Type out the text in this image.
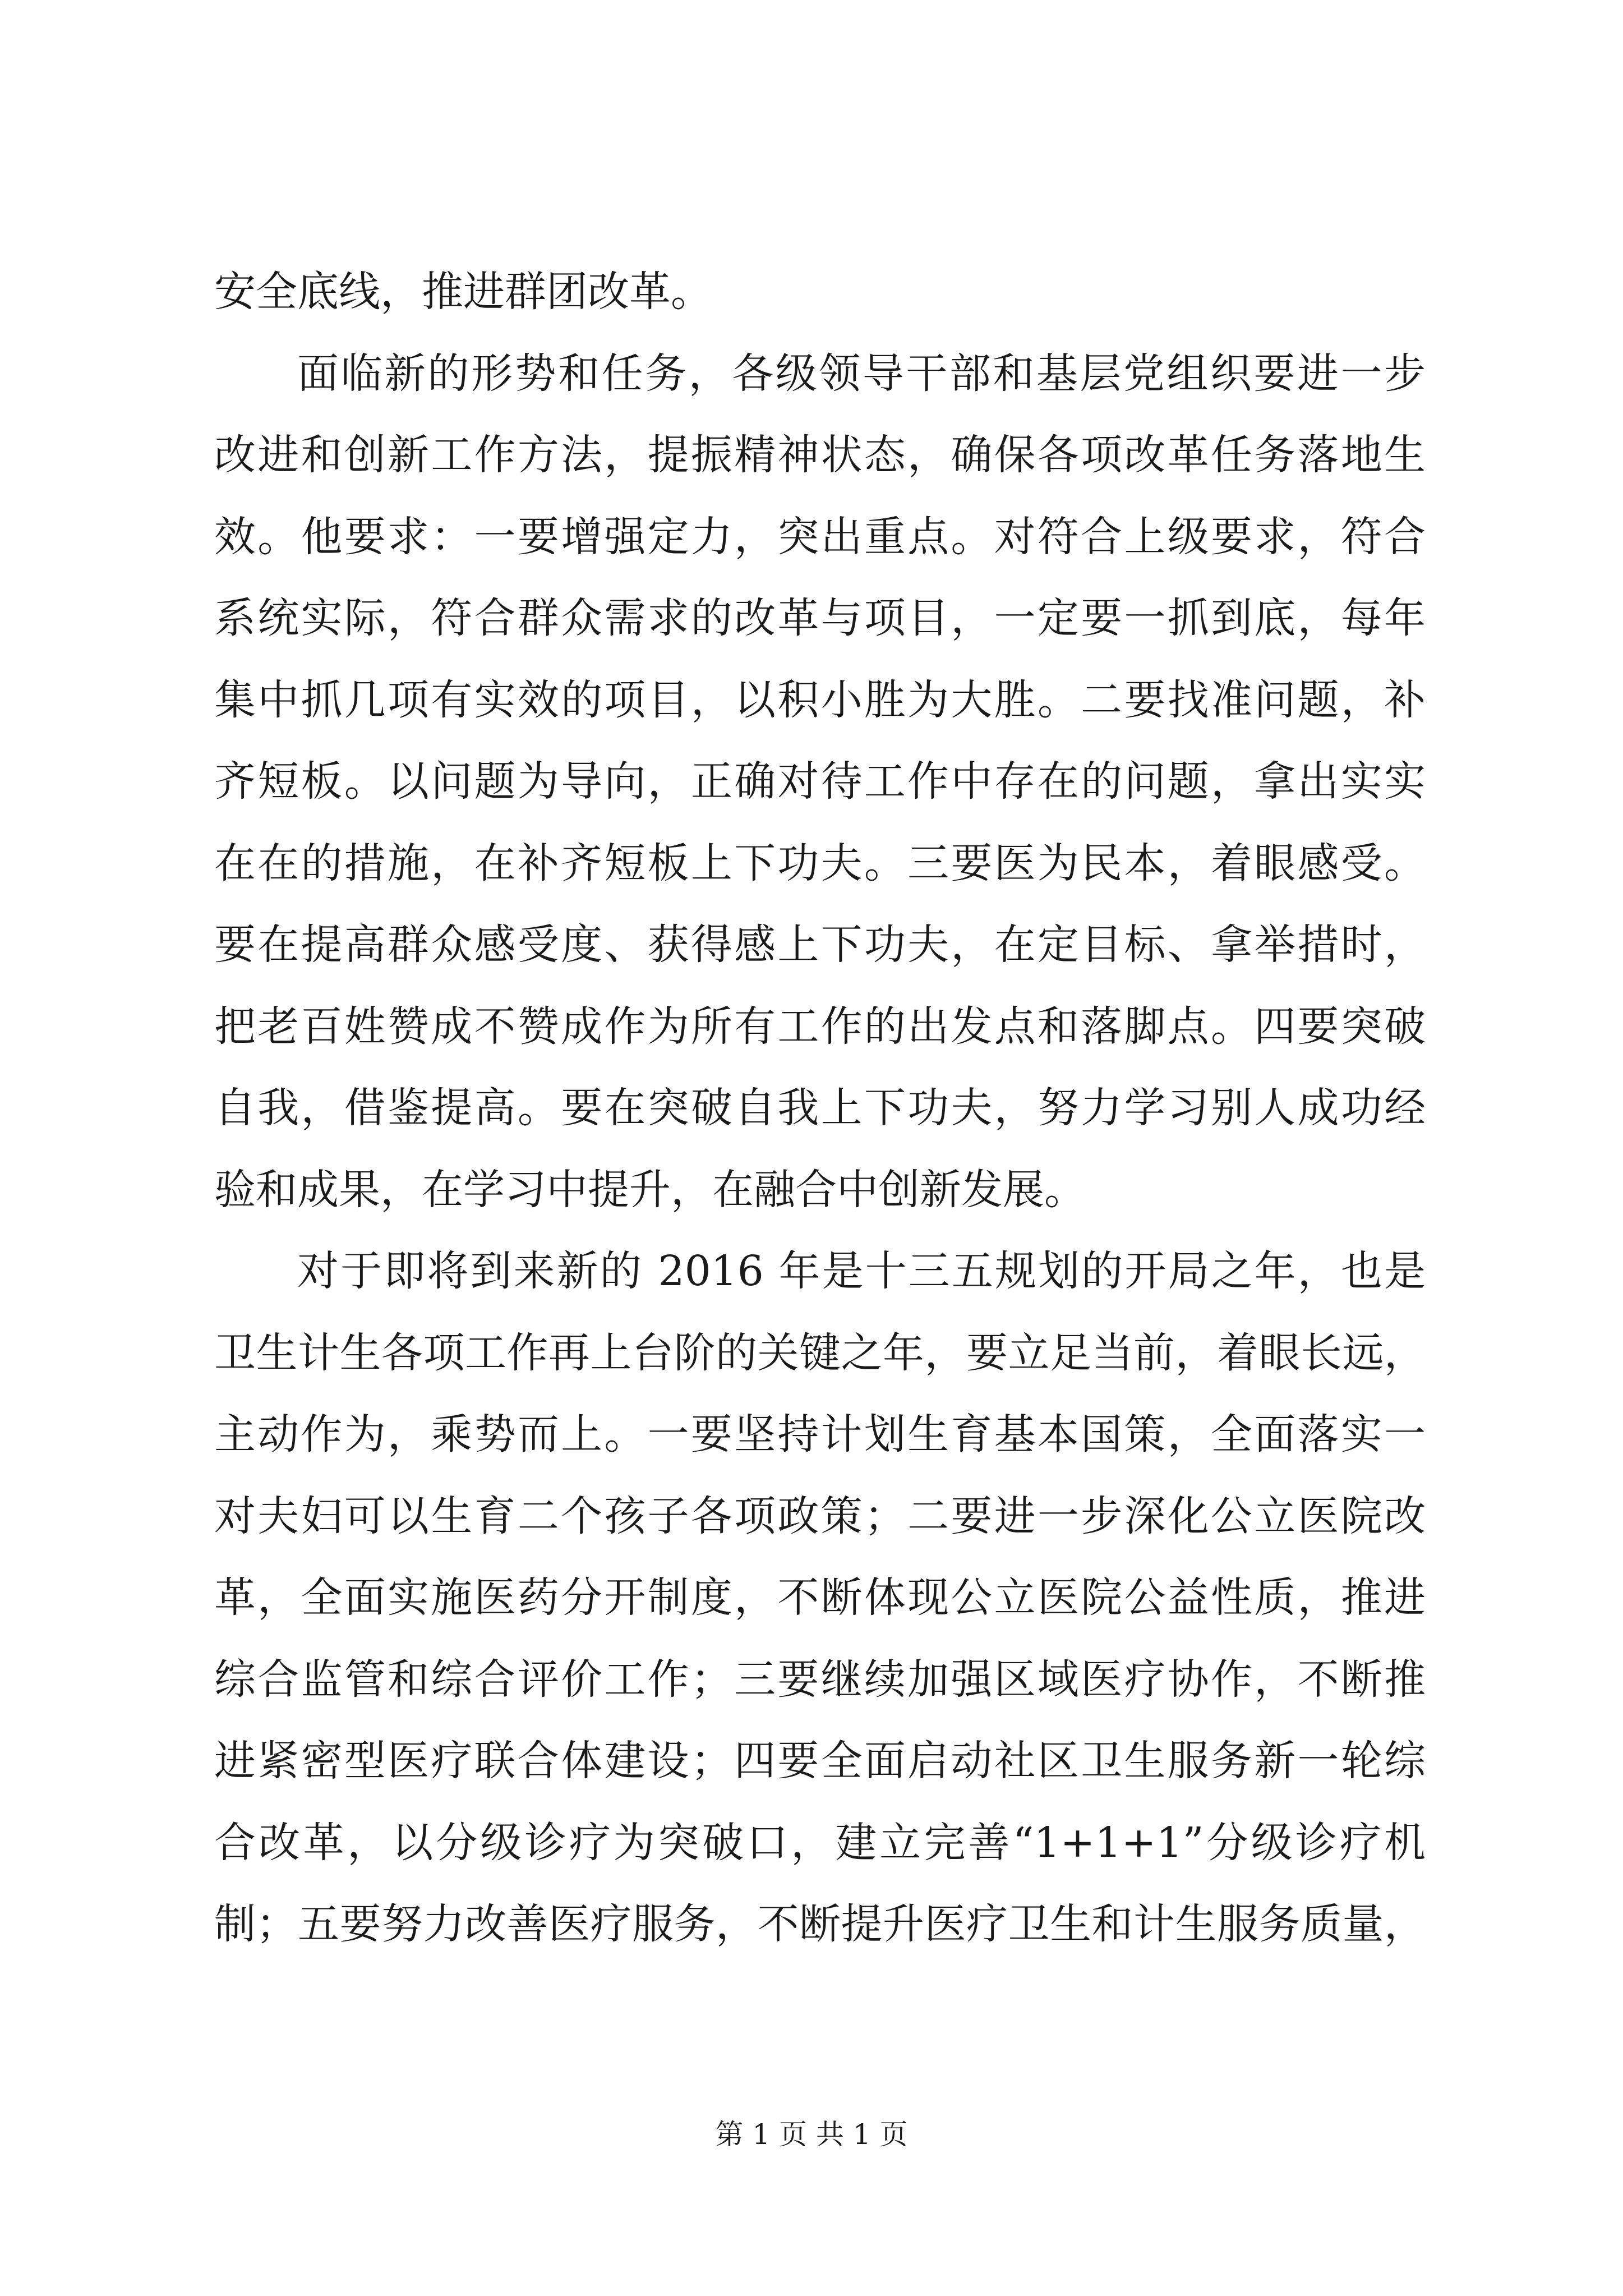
安全底线，推进群团改革。
面临新的形势和任务，各级领导干部和基层党组织要进一步
改进和创新工作方法，提振精神状态，确保各项改革任务落地生
效。他要求：一要增强定力，突出重点。对符合上级要求，符合
系统实际，符合群众需求的改革与项目，一定要一抓到底，每年
集中抓几项有实效的项目，以积小胜为大胜。二要找准问题，补
齐短板。以问题为导向，正确对待工作中存在的问题，拿出实实
在在的措施，在补齐短板上下功夫。三要医为民本，着眼感受。
要在提高群众感受度、获得感上下功夫，在定目标、拿举措时，
把老百姓赞成不赞成作为所有工作的出发点和落脚点。四要突破
自我，借鉴提高。要在突破自我上下功夫，努力学习别人成功经
验和成果，在学习中提升，在融合中创新发展。
对于即将到来新的 2016 年是十三五规划的开局之年，也是
卫生计生各项工作再上台阶的关键之年，要立足当前，着眼长远，
主动作为，乘势而上。一要坚持计划生育基本国策，全面落实一
对夫妇可以生育二个孩子各项政策；二要进一步深化公立医院改
革，全面实施医药分开制度，不断体现公立医院公益性质，推进
综合监管和综合评价工作；三要继续加强区域医疗协作，不断推
进紧密型医疗联合体建设；四要全面启动社区卫生服务新一轮综
合改革，以分级诊疗为突破口，建立完善“1+1+1”分级诊疗机
制；五要努力改善医疗服务，不断提升医疗卫生和计生服务质量，
第 1 页 共 1 页
